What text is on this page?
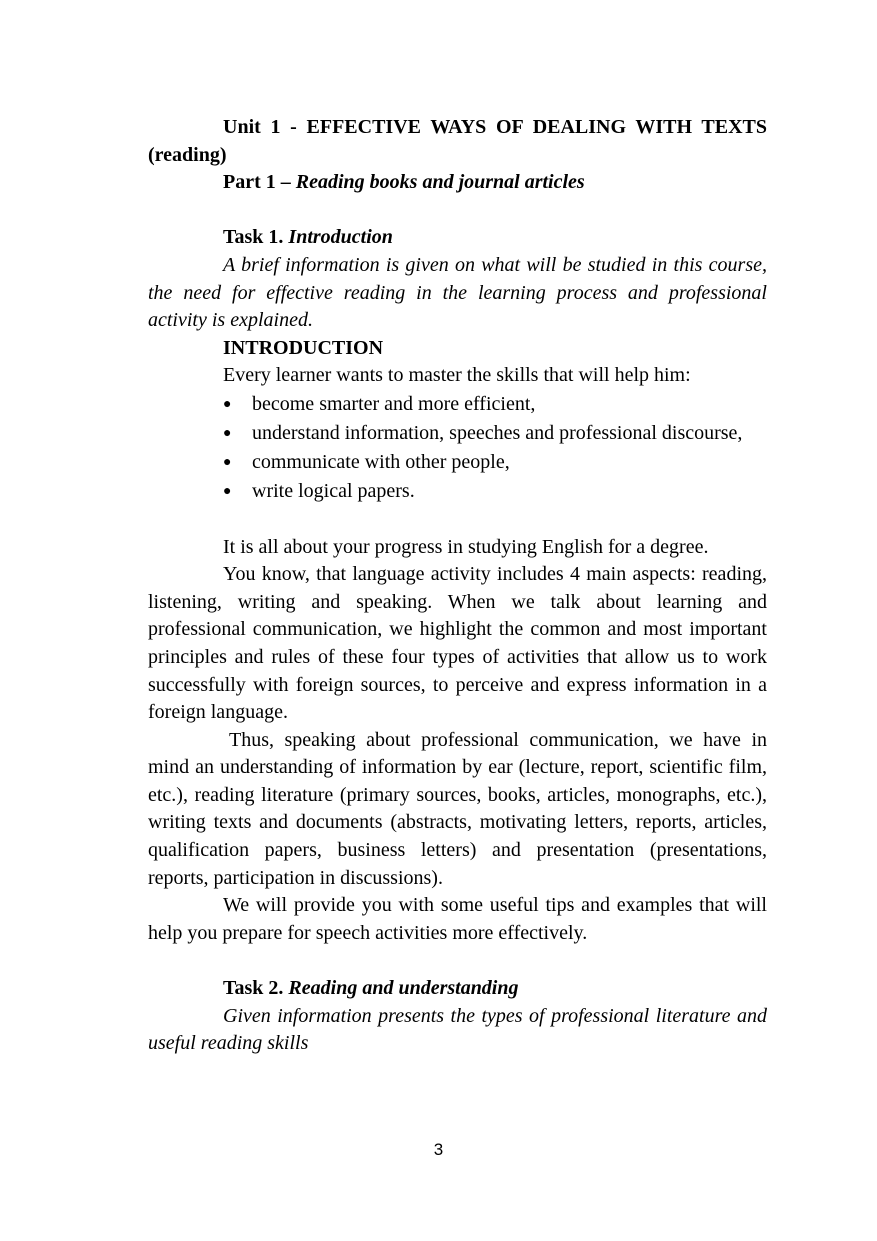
Unit 1 - EFFECTIVE WAYS OF DEALING WITH TEXTS (reading)

Part 1 – Reading books and journal articles

Task 1. Introduction

A brief information is given on what will be studied in this course, the need for effective reading in the learning process and professional activity is explained.

INTRODUCTION

Every learner wants to master the skills that will help him:

● become smarter and more efficient,
● understand information, speeches and professional discourse,
● communicate with other people,
● write logical papers.

It is all about your progress in studying English for a degree.

You know, that language activity includes 4 main aspects: reading, listening, writing and speaking. When we talk about learning and professional communication, we highlight the common and most important principles and rules of these four types of activities that allow us to work successfully with foreign sources, to perceive and express information in a foreign language.

Thus, speaking about professional communication, we have in mind an understanding of information by ear (lecture, report, scientific film, etc.), reading literature (primary sources, books, articles, monographs, etc.), writing texts and documents (abstracts, motivating letters, reports, articles, qualification papers, business letters) and presentation (presentations, reports, participation in discussions).

We will provide you with some useful tips and examples that will help you prepare for speech activities more effectively.

Task 2. Reading and understanding

Given information presents the types of professional literature and useful reading skills

3
